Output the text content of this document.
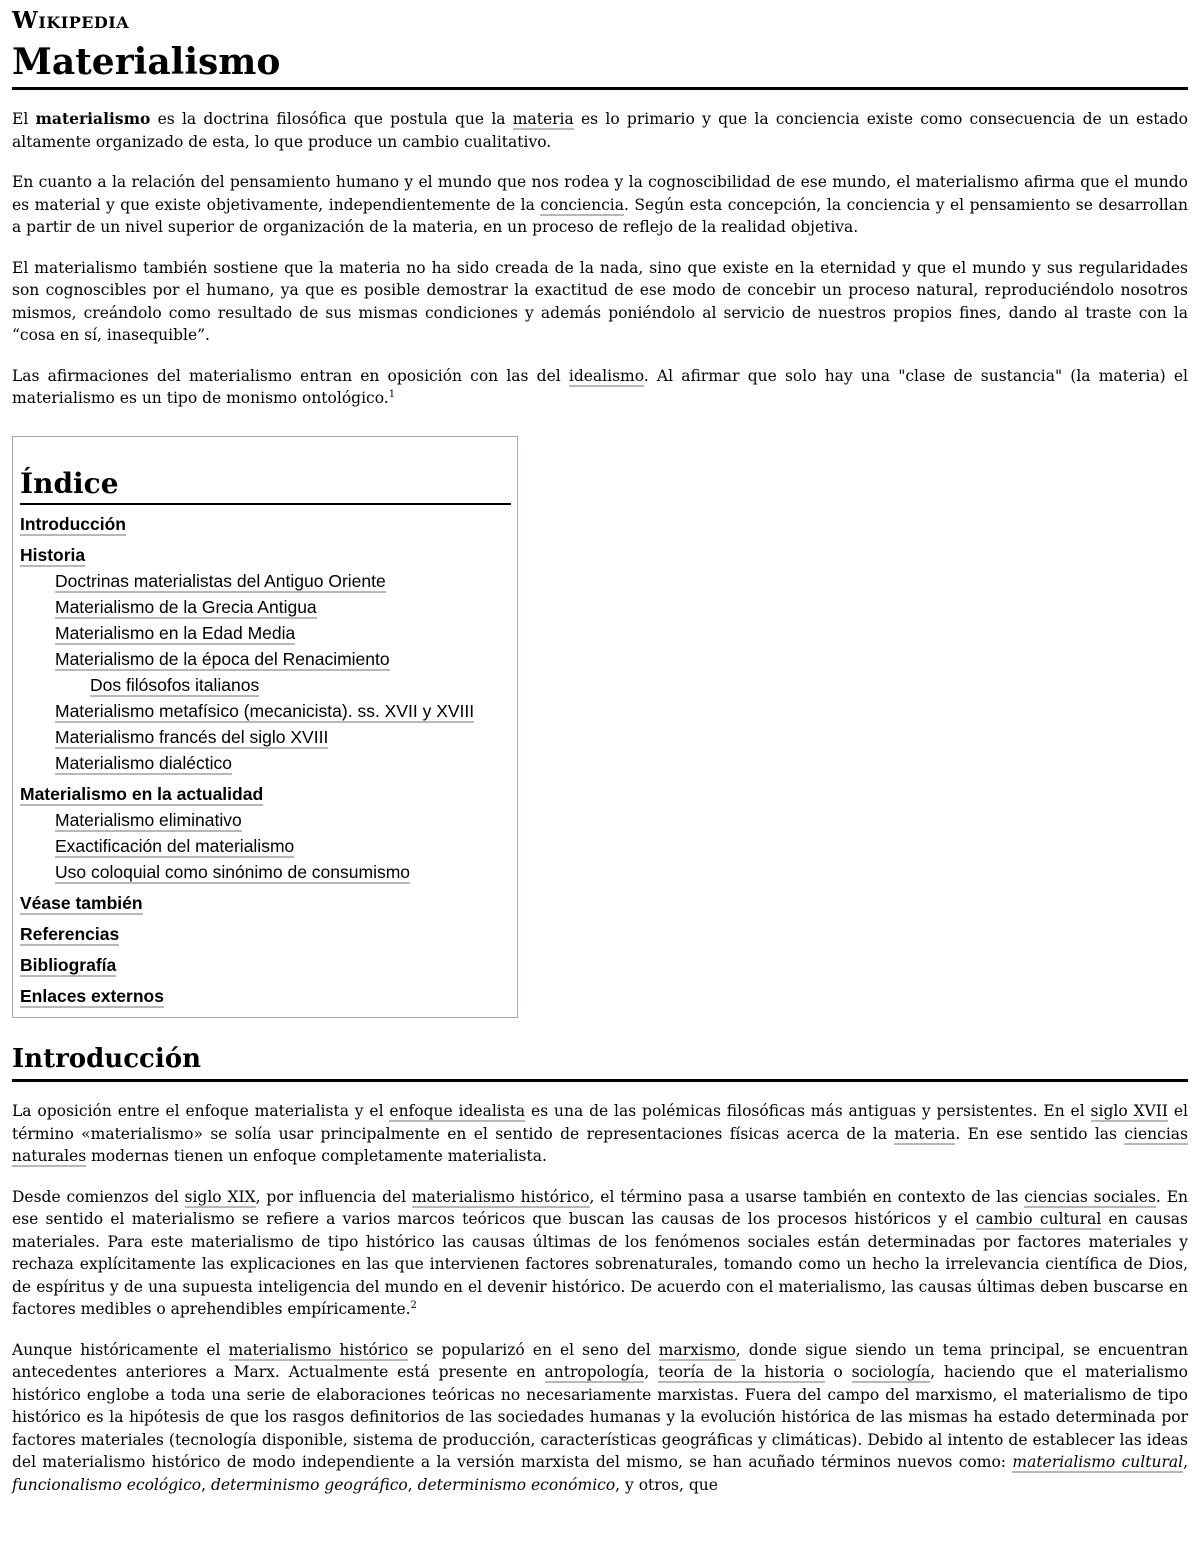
Wikipedia
Materialismo

El materialismo es la doctrina filosófica que postula que la materia es lo primario y que la conciencia existe como consecuencia de un estado altamente organizado de esta, lo que produce un cambio cualitativo.

En cuanto a la relación del pensamiento humano y el mundo que nos rodea y la cognoscibilidad de ese mundo, el materialismo afirma que el mundo es material y que existe objetivamente, independientemente de la conciencia. Según esta concepción, la conciencia y el pensamiento se desarrollan a partir de un nivel superior de organización de la materia, en un proceso de reflejo de la realidad objetiva.

El materialismo también sostiene que la materia no ha sido creada de la nada, sino que existe en la eternidad y que el mundo y sus regularidades son cognoscibles por el humano, ya que es posible demostrar la exactitud de ese modo de concebir un proceso natural, reproduciéndolo nosotros mismos, creándolo como resultado de sus mismas condiciones y además poniéndolo al servicio de nuestros propios fines, dando al traste con la “cosa en sí, inasequible”.

Las afirmaciones del materialismo entran en oposición con las del idealismo. Al afirmar que solo hay una "clase de sustancia" (la materia) el materialismo es un tipo de monismo ontológico.$^1$

Índice
Introducción
Historia
Doctrinas materialistas del Antiguo Oriente
Materialismo de la Grecia Antigua
Materialismo en la Edad Media
Materialismo de la época del Renacimiento
Dos filósofos italianos
Materialismo metafísico (mecanicista). ss. XVII y XVIII
Materialismo francés del siglo XVIII
Materialismo dialéctico
Materialismo en la actualidad
Materialismo eliminativo
Exactificación del materialismo
Uso coloquial como sinónimo de consumismo
Véase también
Referencias
Bibliografía
Enlaces externos
Introducción

La oposición entre el enfoque materialista y el enfoque idealista es una de las polémicas filosóficas más antiguas y persistentes. En el siglo XVII el término «materialismo» se solía usar principalmente en el sentido de representaciones físicas acerca de la materia. En ese sentido las ciencias naturales modernas tienen un enfoque completamente materialista.

Desde comienzos del siglo XIX, por influencia del materialismo histórico, el término pasa a usarse también en contexto de las ciencias sociales. En ese sentido el materialismo se refiere a varios marcos teóricos que buscan las causas de los procesos históricos y el cambio cultural en causas materiales. Para este materialismo de tipo histórico las causas últimas de los fenómenos sociales están determinadas por factores materiales y rechaza explícitamente las explicaciones en las que intervienen factores sobrenaturales, tomando como un hecho la irrelevancia científica de Dios, de espíritus y de una supuesta inteligencia del mundo en el devenir histórico. De acuerdo con el materialismo, las causas últimas deben buscarse en factores medibles o aprehendibles empíricamente.$^2$

Aunque históricamente el materialismo histórico se popularizó en el seno del marxismo, donde sigue siendo un tema principal, se encuentran antecedentes anteriores a Marx. Actualmente está presente en antropología, teoría de la historia o sociología, haciendo que el materialismo histórico englobe a toda una serie de elaboraciones teóricas no necesariamente marxistas. Fuera del campo del marxismo, el materialismo de tipo histórico es la hipótesis de que los rasgos definitorios de las sociedades humanas y la evolución histórica de las mismas ha estado determinada por factores materiales (tecnología disponible, sistema de producción, características geográficas y climáticas). Debido al intento de establecer las ideas del materialismo histórico de modo independiente a la versión marxista del mismo, se han acuñado términos nuevos como: materialismo cultural, funcionalismo ecológico, determinismo geográfico, determinismo económico, y otros, que
